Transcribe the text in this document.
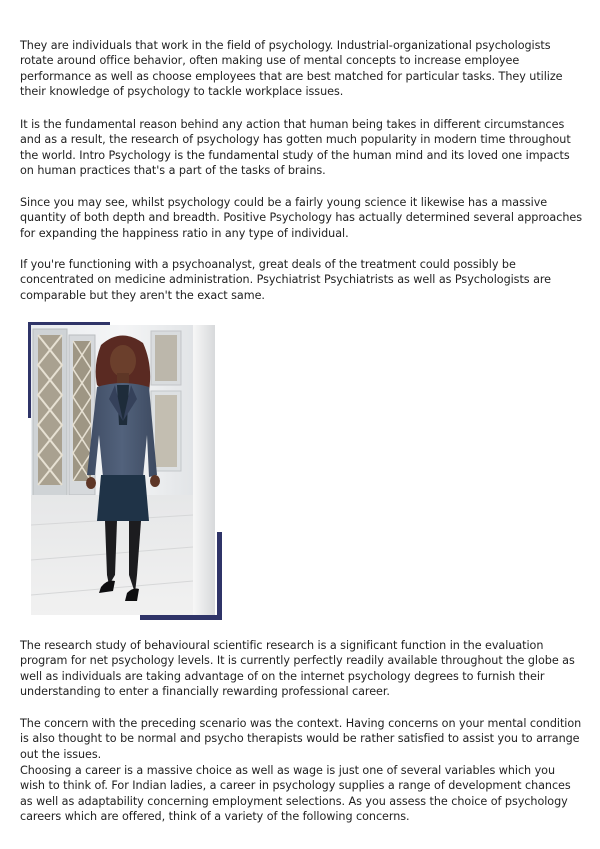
They are individuals that work in the field of psychology. Industrial-organizational psychologists rotate around office behavior, often making use of mental concepts to increase employee performance as well as choose employees that are best matched for particular tasks. They utilize their knowledge of psychology to tackle workplace issues.

It is the fundamental reason behind any action that human being takes in different circumstances and as a result, the research of psychology has gotten much popularity in modern time throughout the world. Intro Psychology is the fundamental study of the human mind and its loved one impacts on human practices that's a part of the tasks of brains.

Since you may see, whilst psychology could be a fairly young science it likewise has a massive quantity of both depth and breadth. Positive Psychology has actually determined several approaches for expanding the happiness ratio in any type of individual.

If you're functioning with a psychoanalyst, great deals of the treatment could possibly be concentrated on medicine administration. Psychiatrist Psychiatrists as well as Psychologists are comparable but they aren't the exact same.

The research study of behavioural scientific research is a significant function in the evaluation program for net psychology levels. It is currently perfectly readily available throughout the globe as well as individuals are taking advantage of on the internet psychology degrees to furnish their understanding to enter a financially rewarding professional career.

The concern with the preceding scenario was the context. Having concerns on your mental condition is also thought to be normal and psycho therapists would be rather satisfied to assist you to arrange out the issues.

Choosing a career is a massive choice as well as wage is just one of several variables which you wish to think of. For Indian ladies, a career in psychology supplies a range of development chances as well as adaptability concerning employment selections. As you assess the choice of psychology careers which are offered, think of a variety of the following concerns.
